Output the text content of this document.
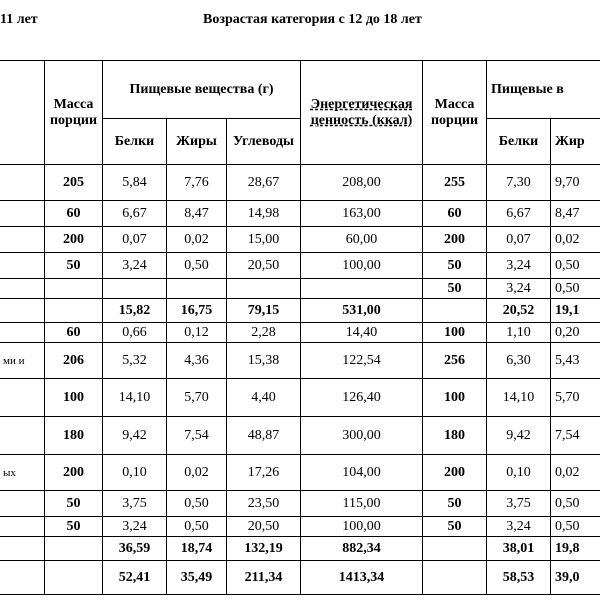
11 лет	Возрастая категория с 12 до 18 лет
	Масса порции	Пищевые вещества (г)			Энергетическая ценность (ккал)	Масса порции	Пищевые в	
		Белки	Жиры	Углеводы			Белки	Жир
	205	5,84	7,76	28,67	208,00	255	7,30	9,70
	60	6,67	8,47	14,98	163,00	60	6,67	8,47
	200	0,07	0,02	15,00	60,00	200	0,07	0,02
	50	3,24	0,50	20,50	100,00	50	3,24	0,50
						50	3,24	0,50
		15,82	16,75	79,15	531,00		20,52	19,1
	60	0,66	0,12	2,28	14,40	100	1,10	0,20
ми и	206	5,32	4,36	15,38	122,54	256	6,30	5,43
	100	14,10	5,70	4,40	126,40	100	14,10	5,70
	180	9,42	7,54	48,87	300,00	180	9,42	7,54
ых	200	0,10	0,02	17,26	104,00	200	0,10	0,02
	50	3,75	0,50	23,50	115,00	50	3,75	0,50
	50	3,24	0,50	20,50	100,00	50	3,24	0,50
		36,59	18,74	132,19	882,34		38,01	19,8
		52,41	35,49	211,34	1413,34		58,53	39,0
